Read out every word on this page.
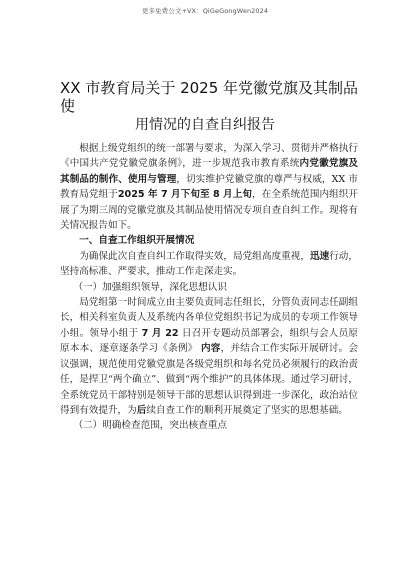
更多免费公文+VX：QiGeGongWen2024
XX 市教育局关于 2025 年党徽党旗及其制品
使
用情况的自查自纠报告

根据上级党组织的统一部署与要求，为深入学习、贯彻并严格执行《中国共产党党徽党旗条例》，进一步规范我市教育系统内党徽党旗及其制品的制作、使用与管理，切实维护党徽党旗的尊严与权威，XX 市教育局党组于2025 年 7 月下旬至 8 月上旬，在全系统范围内组织开展了为期三周的党徽党旗及其制品使用情况专项自查自纠工作。现将有关情况报告如下。

一、自查工作组织开展情况

为确保此次自查自纠工作取得实效，局党组高度重视，迅速行动，坚持高标准、严要求，推动工作走深走实。

（一）加强组织领导，深化思想认识

局党组第一时间成立由主要负责同志任组长，分管负责同志任副组长，相关科室负责人及系统内各单位党组织书记为成员的专项工作领导小组。领导小组于 7 月 22 日召开专题动员部署会，组织与会人员原原本本、逐章逐条学习《条例》 内容，并结合工作实际开展研讨。会议强调，规范使用党徽党旗是各级党组织和每名党员必须履行的政治责任，是捍卫“两个确立”、做到“两个维护”的具体体现。通过学习研讨，全系统党员干部特别是领导干部的思想认识得到进一步深化，政治站位得到有效提升，为后续自查工作的顺利开展奠定了坚实的思想基础。

（二）明确检查范围，突出核查重点
